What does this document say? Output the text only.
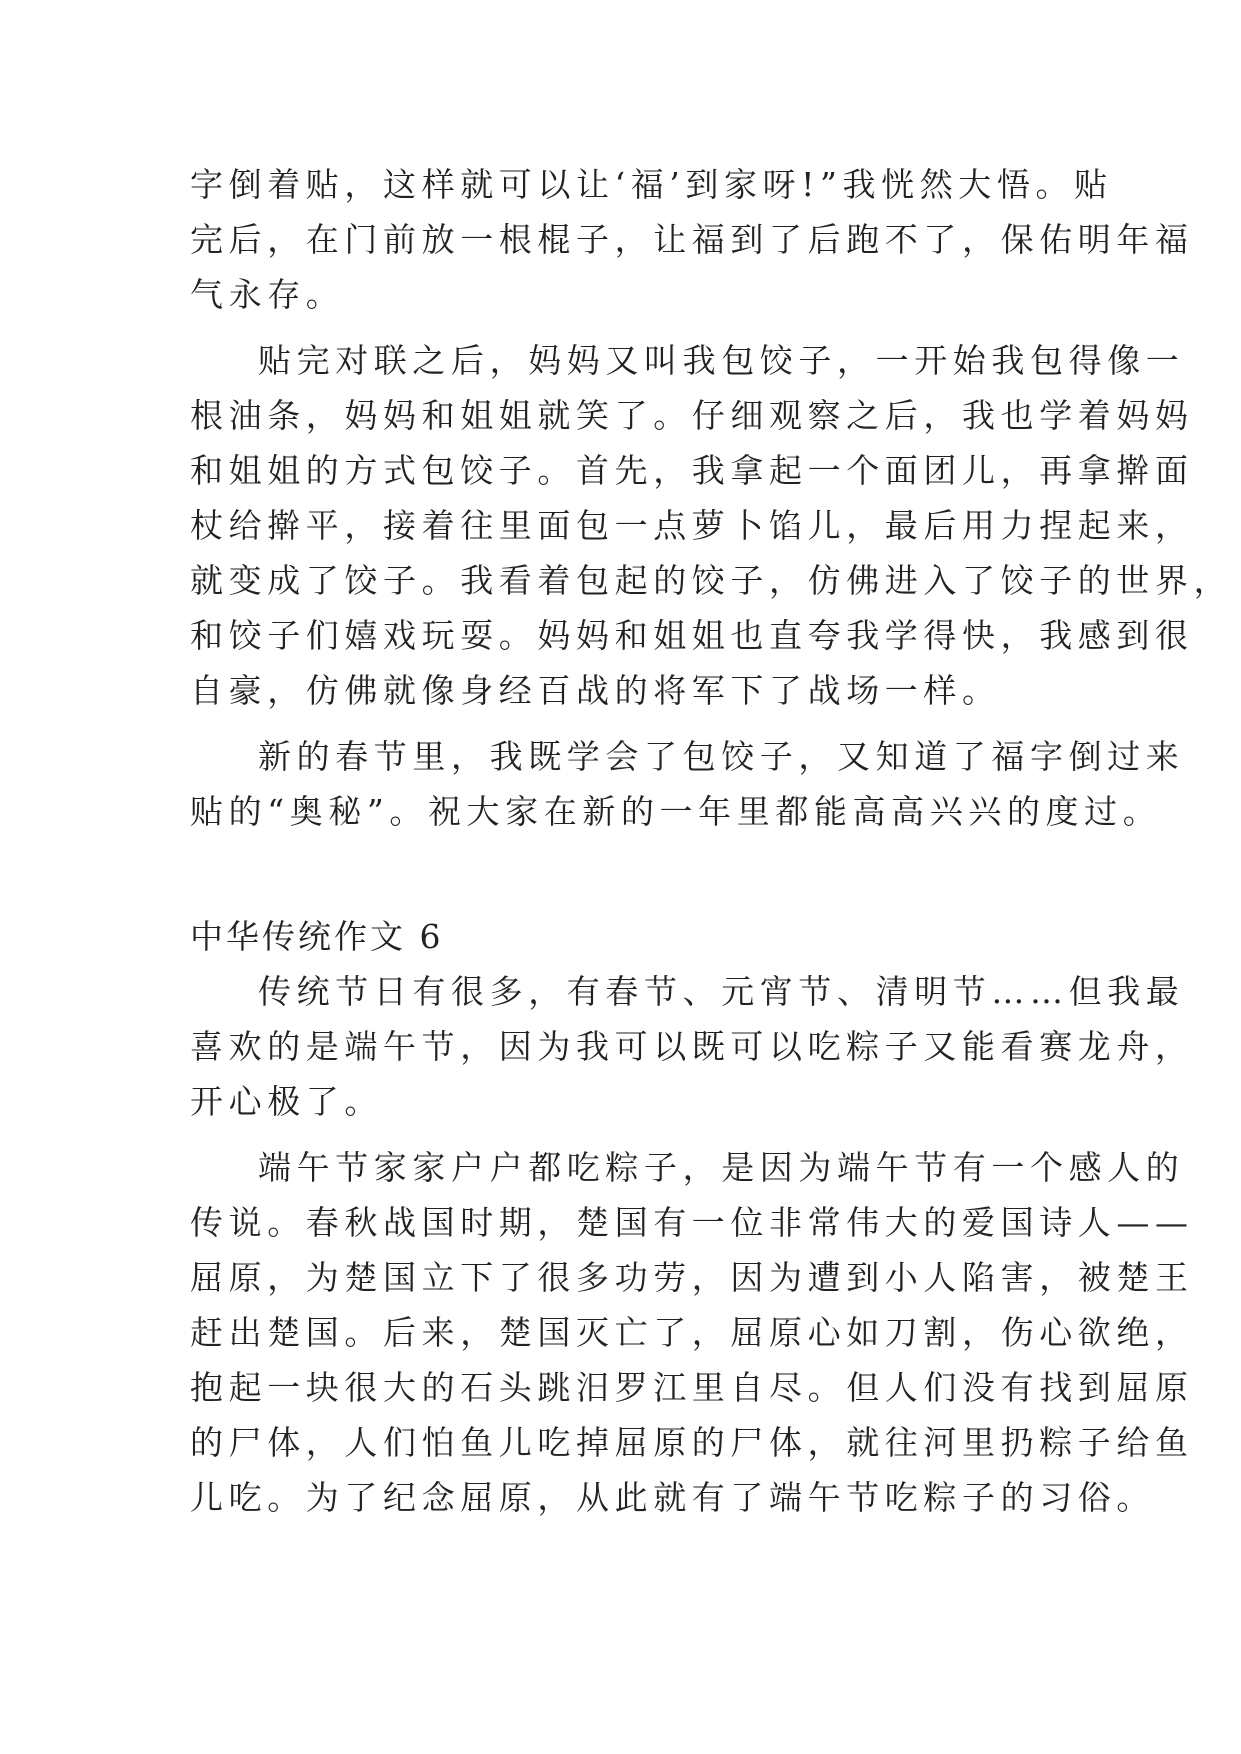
字倒着贴，这样就可以让‘福’到家呀!”我恍然大悟。贴
完后，在门前放一根棍子，让福到了后跑不了，保佑明年福
气永存。
贴完对联之后，妈妈又叫我包饺子，一开始我包得像一
根油条，妈妈和姐姐就笑了。仔细观察之后，我也学着妈妈
和姐姐的方式包饺子。首先，我拿起一个面团儿，再拿擀面
杖给擀平，接着往里面包一点萝卜馅儿，最后用力捏起来，
就变成了饺子。我看着包起的饺子，仿佛进入了饺子的世界，
和饺子们嬉戏玩耍。妈妈和姐姐也直夸我学得快，我感到很
自豪，仿佛就像身经百战的将军下了战场一样。
新的春节里，我既学会了包饺子，又知道了福字倒过来
贴的“奥秘”。祝大家在新的一年里都能高高兴兴的度过。
中华传统作文 6
传统节日有很多，有春节、元宵节、清明节……但我最
喜欢的是端午节，因为我可以既可以吃粽子又能看赛龙舟，
开心极了。
端午节家家户户都吃粽子，是因为端午节有一个感人的
传说。春秋战国时期，楚国有一位非常伟大的爱国诗人——
屈原，为楚国立下了很多功劳，因为遭到小人陷害，被楚王
赶出楚国。后来，楚国灭亡了，屈原心如刀割，伤心欲绝，
抱起一块很大的石头跳汨罗江里自尽。但人们没有找到屈原
的尸体，人们怕鱼儿吃掉屈原的尸体，就往河里扔粽子给鱼
儿吃。为了纪念屈原，从此就有了端午节吃粽子的习俗。
